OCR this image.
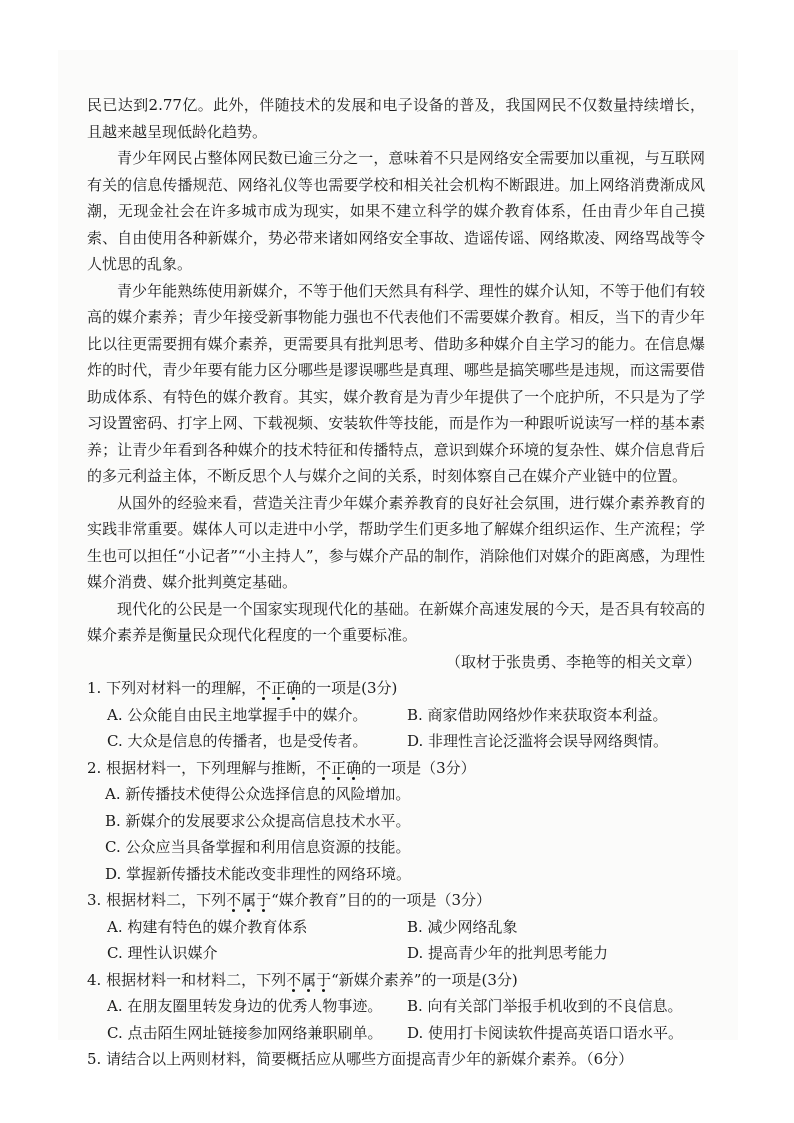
民已达到2.77亿。此外，伴随技术的发展和电子设备的普及，我国网民不仅数量持续增长，且越来越呈现低龄化趋势。

青少年网民占整体网民数已逾三分之一，意味着不只是网络安全需要加以重视，与互联网有关的信息传播规范、网络礼仪等也需要学校和相关社会机构不断跟进。加上网络消费渐成风潮，无现金社会在许多城市成为现实，如果不建立科学的媒介教育体系，任由青少年自己摸索、自由使用各种新媒介，势必带来诸如网络安全事故、造谣传谣、网络欺凌、网络骂战等令人忧思的乱象。

青少年能熟练使用新媒介，不等于他们天然具有科学、理性的媒介认知，不等于他们有较高的媒介素养；青少年接受新事物能力强也不代表他们不需要媒介教育。相反，当下的青少年比以往更需要拥有媒介素养，更需要具有批判思考、借助多种媒介自主学习的能力。在信息爆炸的时代，青少年要有能力区分哪些是谬误哪些是真理、哪些是搞笑哪些是违规，而这需要借助成体系、有特色的媒介教育。其实，媒介教育是为青少年提供了一个庇护所，不只是为了学习设置密码、打字上网、下载视频、安装软件等技能，而是作为一种跟听说读写一样的基本素养；让青少年看到各种媒介的技术特征和传播特点，意识到媒介环境的复杂性、媒介信息背后的多元利益主体，不断反思个人与媒介之间的关系，时刻体察自己在媒介产业链中的位置。

从国外的经验来看，营造关注青少年媒介素养教育的良好社会氛围，进行媒介素养教育的实践非常重要。媒体人可以走进中小学，帮助学生们更多地了解媒介组织运作、生产流程；学生也可以担任“小记者”“小主持人”，参与媒介产品的制作，消除他们对媒介的距离感，为理性媒介消费、媒介批判奠定基础。

现代化的公民是一个国家实现现代化的基础。在新媒介高速发展的今天，是否具有较高的媒介素养是衡量民众现代化程度的一个重要标准。

（取材于张贵勇、李艳等的相关文章）

1. 下列对材料一的理解，不正确的一项是(3分)
A. 公众能自由民主地掌握手中的媒介。	B. 商家借助网络炒作来获取资本利益。
C. 大众是信息的传播者，也是受传者。	D. 非理性言论泛滥将会误导网络舆情。
2. 根据材料一，下列理解与推断，不正确的一项是（3分）
A. 新传播技术使得公众选择信息的风险增加。
B. 新媒介的发展要求公众提高信息技术水平。
C. 公众应当具备掌握和利用信息资源的技能。
D. 掌握新传播技术能改变非理性的网络环境。
3. 根据材料二，下列不属于“媒介教育”目的的一项是（3分）
A. 构建有特色的媒介教育体系	B. 减少网络乱象
C. 理性认识媒介	D. 提高青少年的批判思考能力
4. 根据材料一和材料二，下列不属于“新媒介素养”的一项是(3分)
A. 在朋友圈里转发身边的优秀人物事迹。	B. 向有关部门举报手机收到的不良信息。
C. 点击陌生网址链接参加网络兼职刷单。	D. 使用打卡阅读软件提高英语口语水平。
5. 请结合以上两则材料，简要概括应从哪些方面提高青少年的新媒介素养。（6分）
